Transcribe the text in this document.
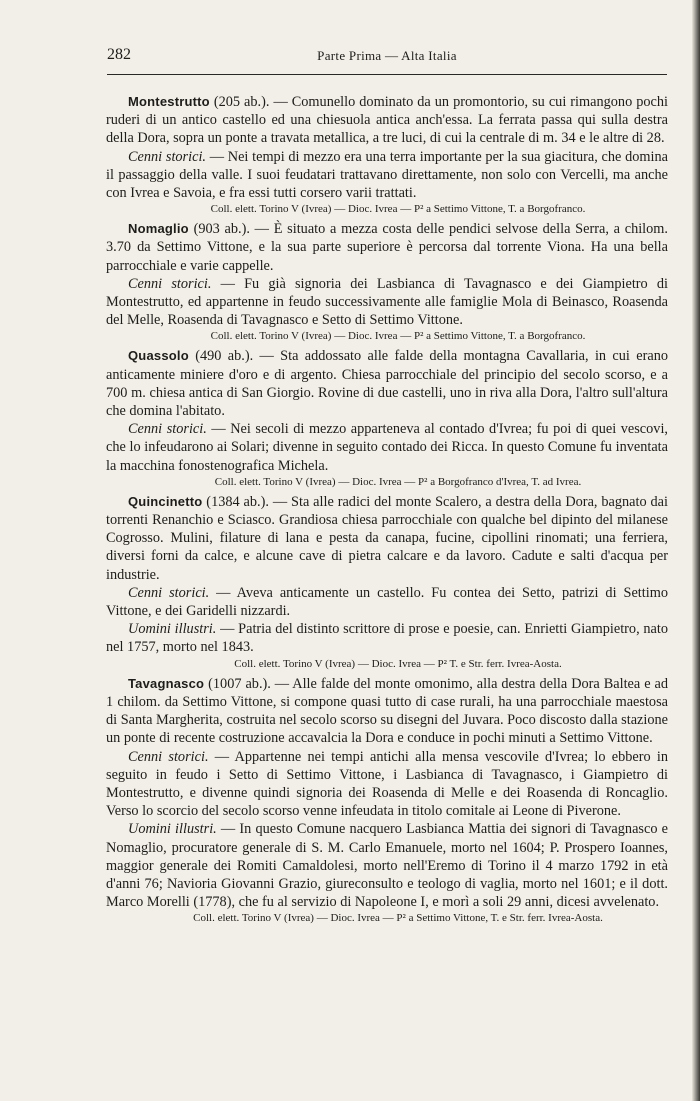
282	Parte Prima — Alta Italia

Montestrutto (205 ab.). — Comunello dominato da un promontorio, su cui rimangono pochi ruderi di un antico castello ed una chiesuola antica anch'essa. La ferrata passa qui sulla destra della Dora, sopra un ponte a travata metallica, a tre luci, di cui la centrale di m. 34 e le altre di 28.

Cenni storici. — Nei tempi di mezzo era una terra importante per la sua giacitura, che domina il passaggio della valle. I suoi feudatari trattavano direttamente, non solo con Vercelli, ma anche con Ivrea e Savoia, e fra essi tutti corsero varii trattati.

Coll. elett. Torino V (Ivrea) — Dioc. Ivrea — P² a Settimo Vittone, T. a Borgofranco.

Nomaglio (903 ab.). — È situato a mezza costa delle pendici selvose della Serra, a chilom. 3.70 da Settimo Vittone, e la sua parte superiore è percorsa dal torrente Viona. Ha una bella parrocchiale e varie cappelle.

Cenni storici. — Fu già signoria dei Lasbianca di Tavagnasco e dei Giampietro di Montestrutto, ed appartenne in feudo successivamente alle famiglie Mola di Beinasco, Roasenda del Melle, Roasenda di Tavagnasco e Setto di Settimo Vittone.

Coll. elett. Torino V (Ivrea) — Dioc. Ivrea — P² a Settimo Vittone, T. a Borgofranco.

Quassolo (490 ab.). — Sta addossato alle falde della montagna Cavallaria, in cui erano anticamente miniere d'oro e di argento. Chiesa parrocchiale del principio del secolo scorso, e a 700 m. chiesa antica di San Giorgio. Rovine di due castelli, uno in riva alla Dora, l'altro sull'altura che domina l'abitato.

Cenni storici. — Nei secoli di mezzo apparteneva al contado d'Ivrea; fu poi di quei vescovi, che lo infeudarono ai Solari; divenne in seguito contado dei Ricca. In questo Comune fu inventata la macchina fonostenografica Michela.

Coll. elett. Torino V (Ivrea) — Dioc. Ivrea — P² a Borgofranco d'Ivrea, T. ad Ivrea.

Quincinetto (1384 ab.). — Sta alle radici del monte Scalero, a destra della Dora, bagnato dai torrenti Renanchio e Sciasco. Grandiosa chiesa parrocchiale con qualche bel dipinto del milanese Cogrosso. Mulini, filature di lana e pesta da canapa, fucine, cipollini rinomati; una ferriera, diversi forni da calce, e alcune cave di pietra calcare e da lavoro. Cadute e salti d'acqua per industrie.

Cenni storici. — Aveva anticamente un castello. Fu contea dei Setto, patrizi di Settimo Vittone, e dei Garidelli nizzardi.

Uomini illustri. — Patria del distinto scrittore di prose e poesie, can. Enrietti Giampietro, nato nel 1757, morto nel 1843.

Coll. elett. Torino V (Ivrea) — Dioc. Ivrea — P² T. e Str. ferr. Ivrea-Aosta.

Tavagnasco (1007 ab.). — Alle falde del monte omonimo, alla destra della Dora Baltea e ad 1 chilom. da Settimo Vittone, si compone quasi tutto di case rurali, ha una parrocchiale maestosa di Santa Margherita, costruita nel secolo scorso su disegni del Juvara. Poco discosto dalla stazione un ponte di recente costruzione accavalcia la Dora e conduce in pochi minuti a Settimo Vittone.

Cenni storici. — Appartenne nei tempi antichi alla mensa vescovile d'Ivrea; lo ebbero in seguito in feudo i Setto di Settimo Vittone, i Lasbianca di Tavagnasco, i Giampietro di Montestrutto, e divenne quindi signoria dei Roasenda di Melle e dei Roasenda di Roncaglio. Verso lo scorcio del secolo scorso venne infeudata in titolo comitale ai Leone di Piverone.

Uomini illustri. — In questo Comune nacquero Lasbianca Mattia dei signori di Tavagnasco e Nomaglio, procuratore generale di S. M. Carlo Emanuele, morto nel 1604; P. Prospero Ioannes, maggior generale dei Romiti Camaldolesi, morto nell'Eremo di Torino il 4 marzo 1792 in età d'anni 76; Navioria Giovanni Grazio, giureconsulto e teologo di vaglia, morto nel 1601; e il dott. Marco Morelli (1778), che fu al servizio di Napoleone I, e morì a soli 29 anni, dicesi avvelenato.

Coll. elett. Torino V (Ivrea) — Dioc. Ivrea — P² a Settimo Vittone, T. e Str. ferr. Ivrea-Aosta.
